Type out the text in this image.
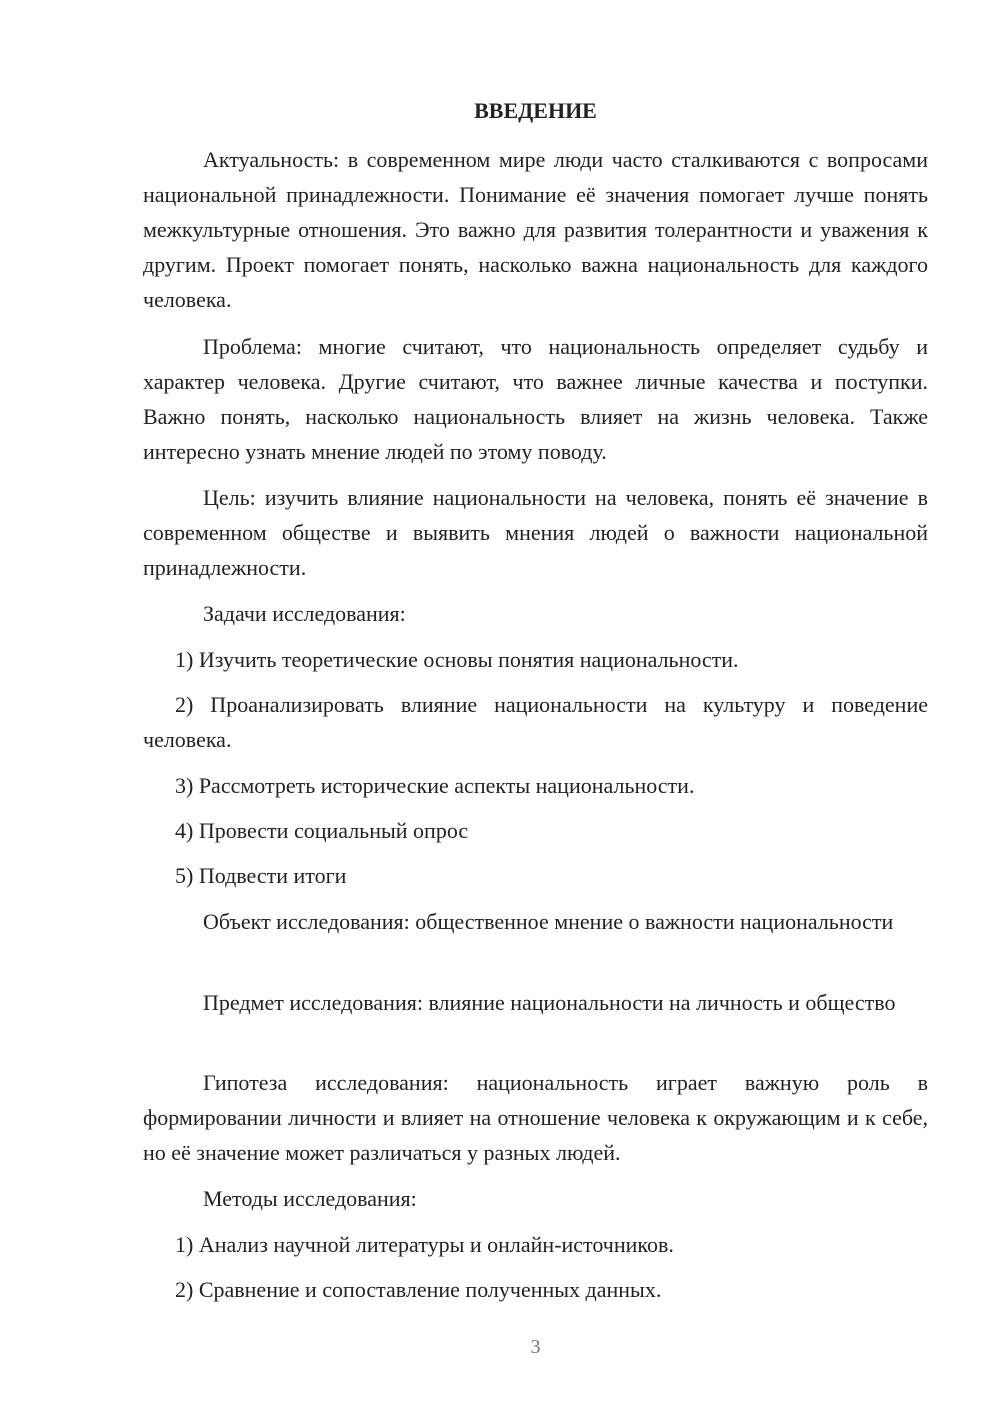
ВВЕДЕНИЕ

Актуальность: в современном мире люди часто сталкиваются с вопросами национальной принадлежности. Понимание её значения помогает лучше понять межкультурные отношения. Это важно для развития толерантности и уважения к другим. Проект помогает понять, насколько важна национальность для каждого человека.

Проблема: многие считают, что национальность определяет судьбу и характер человека. Другие считают, что важнее личные качества и поступки. Важно понять, насколько национальность влияет на жизнь человека. Также интересно узнать мнение людей по этому поводу.

Цель: изучить влияние национальности на человека, понять её значение в современном обществе и выявить мнения людей о важности национальной принадлежности.

Задачи исследования:

1) Изучить теоретические основы понятия национальности.

2) Проанализировать влияние национальности на культуру и поведение человека.

3) Рассмотреть исторические аспекты национальности.

4) Провести социальный опрос

5) Подвести итоги

Объект исследования: общественное мнение о важности национальности

Предмет исследования: влияние национальности на личность и общество

Гипотеза исследования: национальность играет важную роль в формировании личности и влияет на отношение человека к окружающим и к себе, но её значение может различаться у разных людей.

Методы исследования:

1) Анализ научной литературы и онлайн-источников.

2) Сравнение и сопоставление полученных данных.

3
